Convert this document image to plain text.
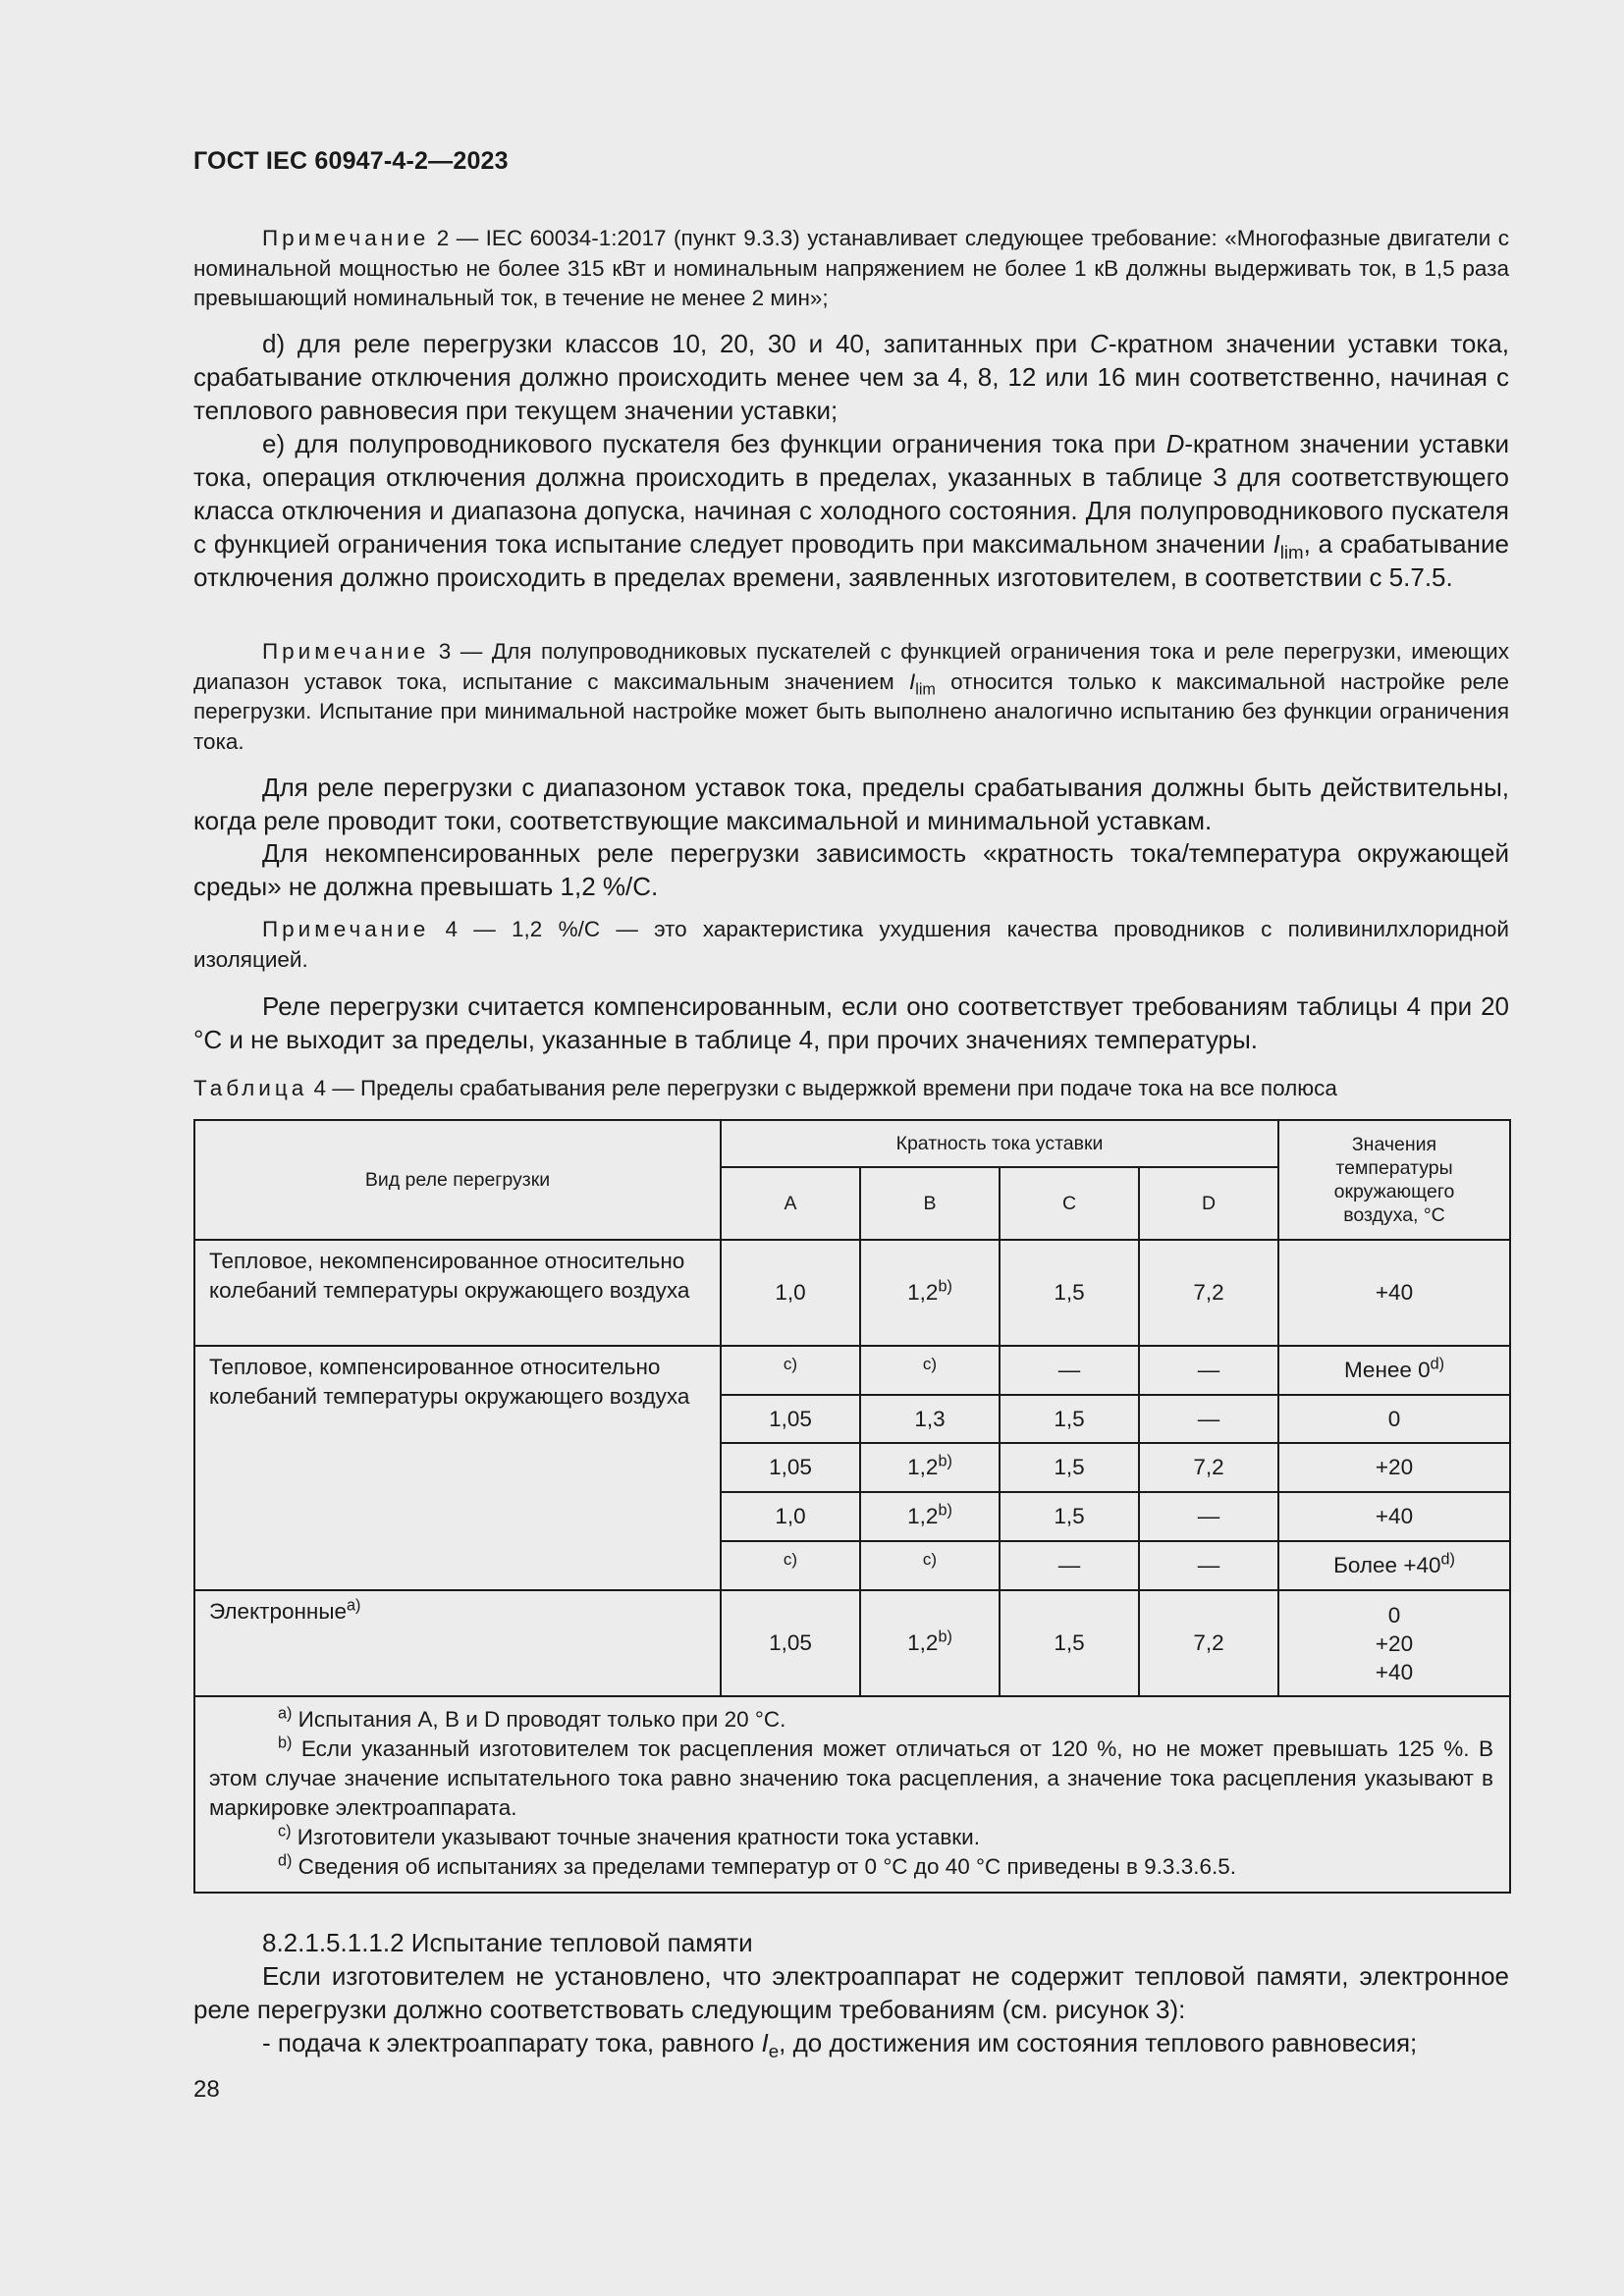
ГОСТ IEC 60947-4-2—2023
Примечание 2 — IEC 60034-1:2017 (пункт 9.3.3) устанавливает следующее требование: «Многофазные двигатели с номинальной мощностью не более 315 кВт и номинальным напряжением не более 1 кВ должны выдерживать ток, в 1,5 раза превышающий номинальный ток, в течение не менее 2 мин»;
d) для реле перегрузки классов 10, 20, 30 и 40, запитанных при C-кратном значении уставки тока, срабатывание отключения должно происходить менее чем за 4, 8, 12 или 16 мин соответственно, начиная с теплового равновесия при текущем значении уставки;
e) для полупроводникового пускателя без функции ограничения тока при D-кратном значении уставки тока, операция отключения должна происходить в пределах, указанных в таблице 3 для соответствующего класса отключения и диапазона допуска, начиная с холодного состояния. Для полупроводникового пускателя с функцией ограничения тока испытание следует проводить при максимальном значении $I_{lim}$, а срабатывание отключения должно происходить в пределах времени, заявленных изготовителем, в соответствии с 5.7.5.
Примечание 3 — Для полупроводниковых пускателей с функцией ограничения тока и реле перегрузки, имеющих диапазон уставок тока, испытание с максимальным значением $I_{lim}$ относится только к максимальной настройке реле перегрузки. Испытание при минимальной настройке может быть выполнено аналогично испытанию без функции ограничения тока.
Для реле перегрузки с диапазоном уставок тока, пределы срабатывания должны быть действительны, когда реле проводит токи, соответствующие максимальной и минимальной уставкам.
Для некомпенсированных реле перегрузки зависимость «кратность тока/температура окружающей среды» не должна превышать 1,2 %/C.
Примечание 4 — 1,2 %/C — это характеристика ухудшения качества проводников с поливинилхлоридной изоляцией.
Реле перегрузки считается компенсированным, если оно соответствует требованиям таблицы 4 при 20 °C и не выходит за пределы, указанные в таблице 4, при прочих значениях температуры.
Таблица 4 — Пределы срабатывания реле перегрузки с выдержкой времени при подаче тока на все полюса
Вид реле перегрузки	Кратность тока уставки				Значения температуры окружающего воздуха, °C
	A	B	C	D	
Тепловое, некомпенсированное относительно колебаний температуры окружающего воздуха	1,0	1,2$^{b)}$	1,5	7,2	+40
Тепловое, компенсированное относительно колебаний температуры окружающего воздуха	c)	c)	—	—	Менее 0$^{d)}$
	1,05	1,3	1,5	—	0
	1,05	1,2$^{b)}$	1,5	7,2	+20
	1,0	1,2$^{b)}$	1,5	—	+40
	c)	c)	—	—	Более $+40^{d)}$
Электронные$^{a)}$	1,05	1,2$^{b)}$	1,5	7,2	0
+20
+40

$^{a)}$ Испытания A, B и D проводят только при 20 °C.
$^{b)}$ Если указанный изготовителем ток расцепления может отличаться от 120 %, но не может превышать 125 %. В этом случае значение испытательного тока равно значению тока расцепления, а значение тока расцепления указывают в маркировке электроаппарата.
$^{c)}$ Изготовители указывают точные значения кратности тока уставки.
$^{d)}$ Сведения об испытаниях за пределами температур от 0 °C до 40 °C приведены в 9.3.3.6.5.					
8.2.1.5.1.1.2 Испытание тепловой памяти
Если изготовителем не установлено, что электроаппарат не содержит тепловой памяти, электронное реле перегрузки должно соответствовать следующим требованиям (см. рисунок 3):
- подача к электроаппарату тока, равного $I_e$, до достижения им состояния теплового равновесия;
28
